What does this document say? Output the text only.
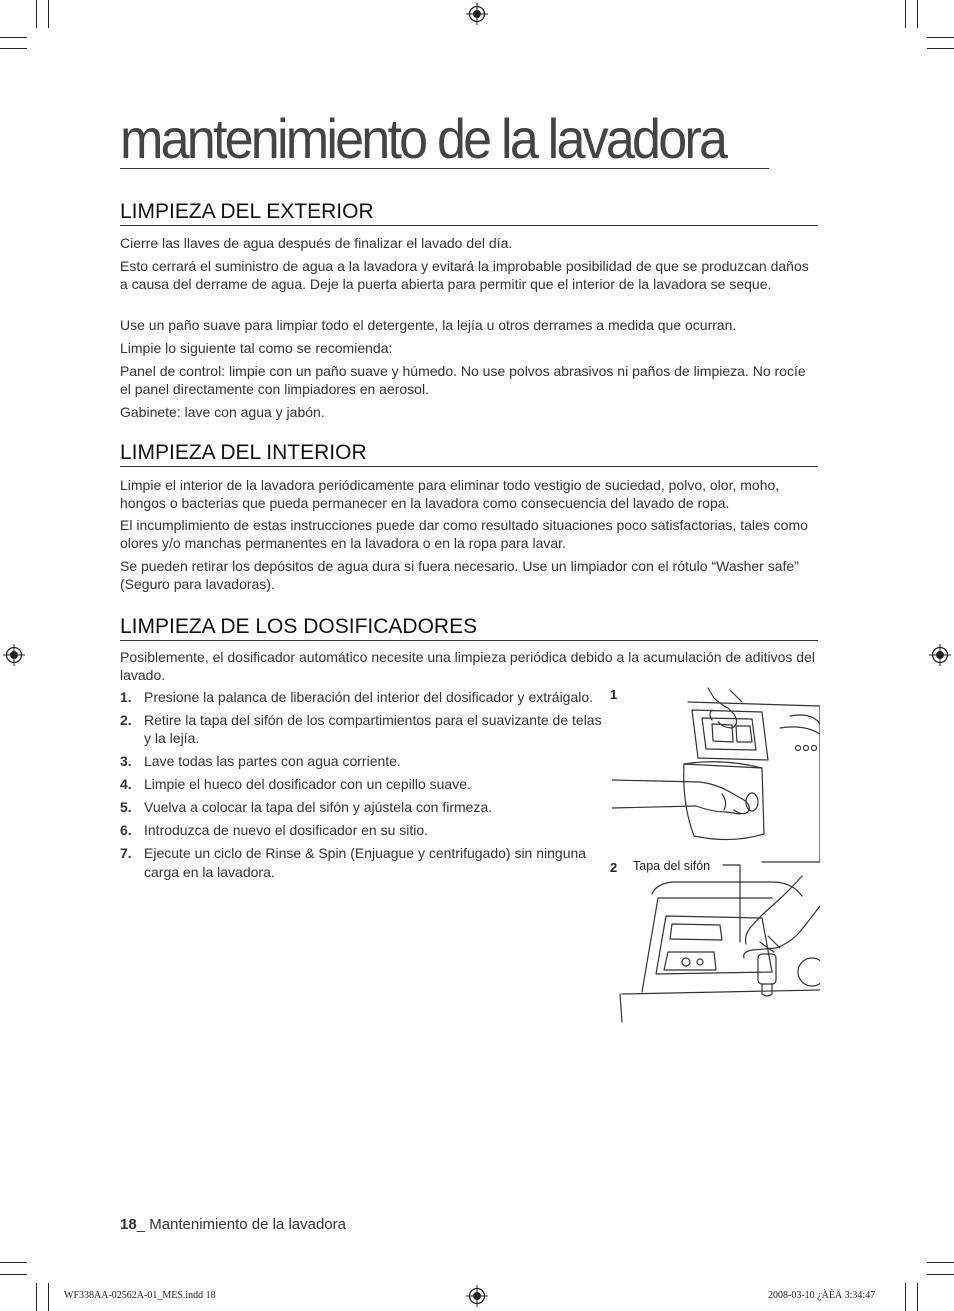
mantenimiento de la lavadora
LIMPIEZA DEL EXTERIOR

Cierre las llaves de agua después de finalizar el lavado del día.

Esto cerrará el suministro de agua a la lavadora y evitará la improbable posibilidad de que se produzcan daños a causa del derrame de agua. Deje la puerta abierta para permitir que el interior de la lavadora se seque.

Use un paño suave para limpiar todo el detergente, la lejía u otros derrames a medida que ocurran.

Limpie lo siguiente tal como se recomienda:

Panel de control: limpie con un paño suave y húmedo. No use polvos abrasivos ni paños de limpieza. No rocíe el panel directamente con limpiadores en aerosol.

Gabinete: lave con agua y jabón.

LIMPIEZA DEL INTERIOR

Limpie el interior de la lavadora periódicamente para eliminar todo vestigio de suciedad, polvo, olor, moho, hongos o bacterias que pueda permanecer en la lavadora como consecuencia del lavado de ropa.

El incumplimiento de estas instrucciones puede dar como resultado situaciones poco satisfactorias, tales como olores y/o manchas permanentes en la lavadora o en la ropa para lavar.

Se pueden retirar los depósitos de agua dura si fuera necesario. Use un limpiador con el rótulo “Washer safe” (Seguro para lavadoras).

LIMPIEZA DE LOS DOSIFICADORES

Posiblemente, el dosificador automático necesite una limpieza periódica debido a la acumulación de aditivos del lavado.

1. Presione la palanca de liberación del interior del dosificador y extráigalo.
2. Retire la tapa del sifón de los compartimientos para el suavizante de telas y la lejía.
3. Lave todas las partes con agua corriente.
4. Limpie el hueco del dosificador con un cepillo suave.
5. Vuelva a colocar la tapa del sifón y ajústela con firmeza.
6. Introduzca de nuevo el dosificador en su sitio.
7. Ejecute un ciclo de Rinse & Spin (Enjuague y centrifugado) sin ninguna carga en la lavadora.
1
2 Tapa del sifón
18_ Mantenimiento de la lavadora
WF338AA-02562A-01_MES.indd 18	2008-03-10 ¿ÀÈÄ 3:34:47
